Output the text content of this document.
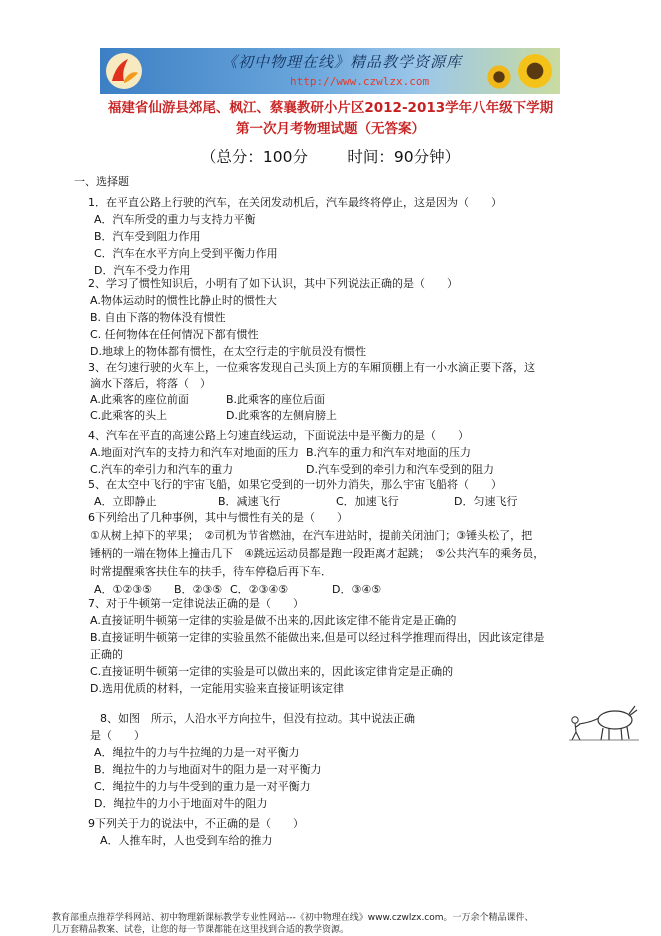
《初中物理在线》精品教学资源库
http://www.czwlzx.com
福建省仙游县郊尾、枫江、蔡襄教研小片区2012-2013学年八年级下学期
第一次月考物理试题（无答案）
（总分：100分	时间：90分钟）
一、选择题
1．在平直公路上行驶的汽车，在关闭发动机后，汽车最终将停止，这是因为（　　）
A．汽车所受的重力与支持力平衡
B．汽车受到阻力作用
C．汽车在水平方向上受到平衡力作用
D．汽车不受力作用
2、学习了惯性知识后，小明有了如下认识，其中下列说法正确的是（　　）
A.物体运动时的惯性比静止时的惯性大
B. 自由下落的物体没有惯性
C. 任何物体在任何情况下都有惯性
D.地球上的物体都有惯性，在太空行走的宇航员没有惯性
3、在匀速行驶的火车上，一位乘客发现自己头顶上方的车厢顶棚上有一小水滴正要下落，这
滴水下落后，将落（　）
A.此乘客的座位前面	B.此乘客的座位后面
C.此乘客的头上	D.此乘客的左侧肩膀上
4、汽车在平直的高速公路上匀速直线运动，下面说法中是平衡力的是（　　）
A.地面对汽车的支持力和汽车对地面的压力 B.汽车的重力和汽车对地面的压力
C.汽车的牵引力和汽车的重力	D.汽车受到的牵引力和汽车受到的阻力
5、在太空中飞行的宇宙飞船，如果它受到的一切外力消失，那么宇宙飞船将（　　）
A．立即静止	B．减速飞行	C．加速飞行	D．匀速飞行
6下列给出了几种事例，其中与惯性有关的是（　　）
①从树上掉下的苹果；　②司机为节省燃油，在汽车进站时，提前关闭油门；③锤头松了，把
锤柄的一端在物体上撞击几下　④跳远运动员都是跑一段距离才起跳；　⑤公共汽车的乘务员，
时常提醒乘客扶住车的扶手，待车停稳后再下车．
A．①②③⑤ B．②③⑤ C．②③④⑤	D．③④⑤
7、对于牛顿第一定律说法正确的是（　　）
A.直接证明牛顿第一定律的实验是做不出来的,因此该定律不能肯定是正确的
B.直接证明牛顿第一定律的实验虽然不能做出来,但是可以经过科学推理而得出，因此该定律是
正确的
C.直接证明牛顿第一定律的实验是可以做出来的，因此该定律肯定是正确的
D.选用优质的材料，一定能用实验来直接证明该定律
8、如图　所示，人沿水平方向拉牛，但没有拉动。其中说法正确
是（　　）
A．绳拉牛的力与牛拉绳的力是一对平衡力
B．绳拉牛的力与地面对牛的阻力是一对平衡力
C．绳拉牛的力与牛受到的重力是一对平衡力
D．绳拉牛的力小于地面对牛的阻力
9下列关于力的说法中，不正确的是（　　）
A．人推车时，人也受到车给的推力
教育部重点推荐学科网站、初中物理新课标教学专业性网站---《初中物理在线》www.czwlzx.com。一万余个精品课件、
几万套精品教案、试卷，让您的每一节课都能在这里找到合适的教学资源。
